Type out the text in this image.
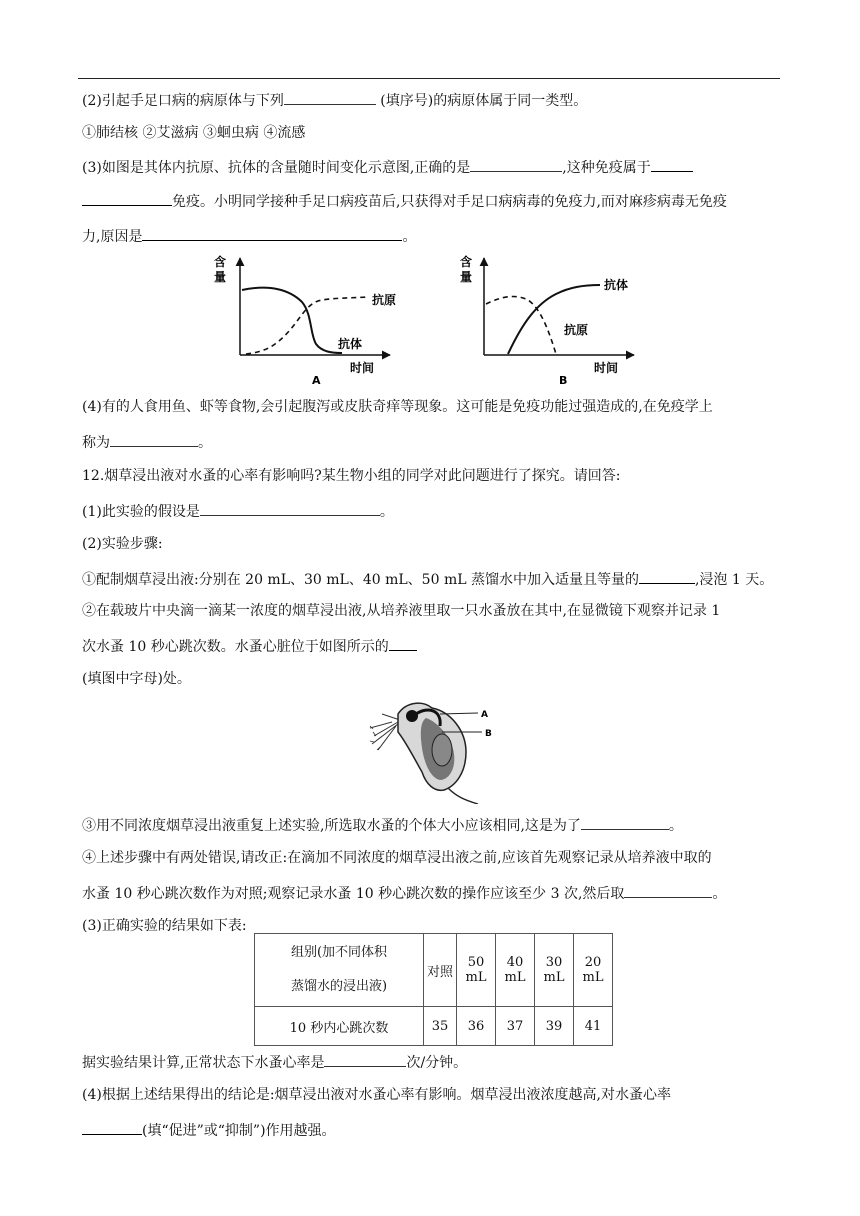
(2)引起手足口病的病原体与下列	(填序号)的病原体属于同一类型。
①肺结核 ②艾滋病 ③蛔虫病 ④流感
(3)如图是其体内抗原、抗体的含量随时间变化示意图,正确的是	,这种免疫属于
免疫。小明同学接种手足口病疫苗后,只获得对手足口病病毒的免疫力,而对麻疹病毒无免疫
力,原因是	。
含
量
抗原
抗体
时间
A
含
量
抗体
抗原
时间
B
(4)有的人食用鱼、虾等食物,会引起腹泻或皮肤奇痒等现象。这可能是免疫功能过强造成的,在免疫学上
称为	。
12.烟草浸出液对水蚤的心率有影响吗?某生物小组的同学对此问题进行了探究。请回答:
(1)此实验的假设是	。
(2)实验步骤:
①配制烟草浸出液:分别在 20 mL、30 mL、40 mL、50 mL 蒸馏水中加入适量且等量的	,浸泡 1 天。
②在载玻片中央滴一滴某一浓度的烟草浸出液,从培养液里取一只水蚤放在其中,在显微镜下观察并记录 1
次水蚤 10 秒心跳次数。水蚤心脏位于如图所示的
(填图中字母)处。
A
B
③用不同浓度烟草浸出液重复上述实验,所选取水蚤的个体大小应该相同,这是为了	。
④上述步骤中有两处错误,请改正:在滴加不同浓度的烟草浸出液之前,应该首先观察记录从培养液中取的
水蚤 10 秒心跳次数作为对照;观察记录水蚤 10 秒心跳次数的操作应该至少 3 次,然后取	。
(3)正确实验的结果如下表:
组别(加不同体积
蒸馏水的浸出液)	对照	50 mL	40 mL	30 mL	20 mL
10 秒内心跳次数	35	36	37	39	41
据实验结果计算,正常状态下水蚤心率是	次/分钟。
(4)根据上述结果得出的结论是:烟草浸出液对水蚤心率有影响。烟草浸出液浓度越高,对水蚤心率
(填“促进”或“抑制”)作用越强。
